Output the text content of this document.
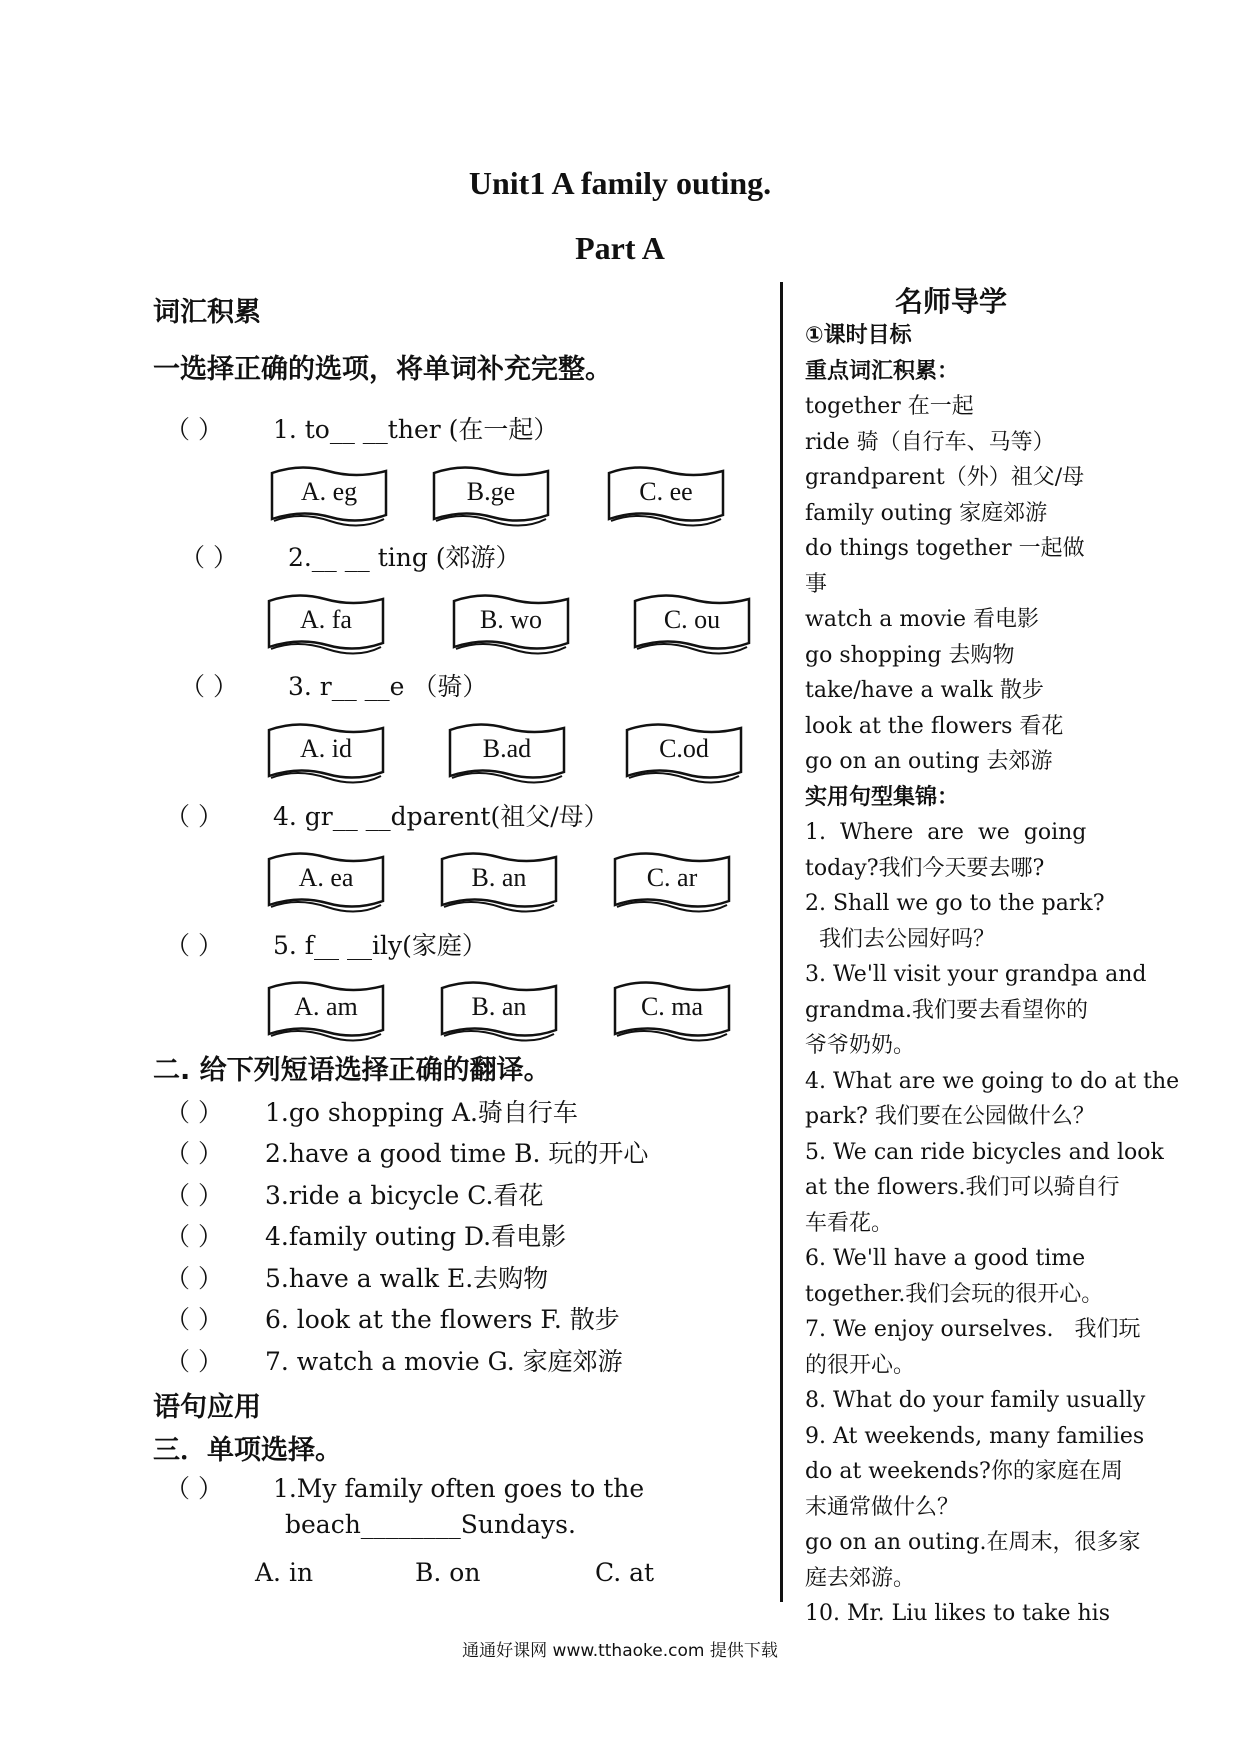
Unit1 A family outing.
Part A
词汇积累
一选择正确的选项，将单词补充完整。
（ ） 1. to__ __ther (在一起）
（ ） 2.__ __ ting (郊游）
（ ） 3. r__ __e （骑）
（ ） 4. gr__ __dparent(祖父/母）
（ ） 5. f__ __ily(家庭）
A. eg	B.ge	C. ee
A. fa	B. wo	C. ou
A. id	B.ad	C.od
A. ea	B. an	C. ar
A. am	B. an	C. ma
二. 给下列短语选择正确的翻译。
（ ） 1.go shopping A.骑自行车
（ ） 2.have a good time B. 玩的开心
（ ） 3.ride a bicycle C.看花
（ ） 4.family outing D.看电影
（ ） 5.have a walk E.去购物
（ ） 6. look at the flowers F. 散步
（ ） 7. watch a movie G. 家庭郊游
语句应用
三．单项选择。
（ ） 1.My family often goes to the
beach________Sundays.
A. in	B. on	C. at
名师导学
①课时目标
重点词汇积累：
together 在一起
ride 骑（自行车、马等）
grandparent（外）祖父/母
family outing 家庭郊游
do things together 一起做事
watch a movie 看电影
go shopping 去购物
take/have a walk 散步
look at the flowers 看花
go on an outing 去郊游
实用句型集锦：
1.  Where  are  we  going
today?我们今天要去哪?
2. Shall we go to the park?
我们去公园好吗？
3. We'll visit your grandpa and
grandma.我们要去看望你的
爷爷奶奶。
4. What are we going to do at the
park? 我们要在公园做什么？
5. We can ride bicycles and look
at the flowers.我们可以骑自行
车看花。
6. We'll have a good time
together.我们会玩的很开心。
7. We enjoy ourselves.   我们玩
的很开心。
8. What do your family usually
9. At weekends, many families
do at weekends?你的家庭在周
末通常做什么？
go on an outing.在周末，很多家
庭去郊游。
10. Mr. Liu likes to take his
通通好课网 www.tthaoke.com 提供下载
